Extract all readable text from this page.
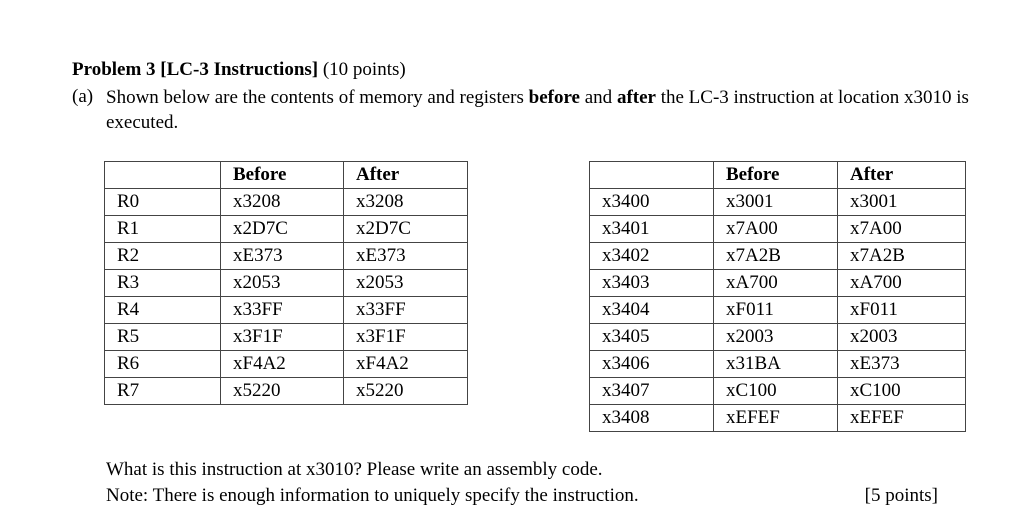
Problem 3 [LC-3 Instructions] (10 points)
(a) Shown below are the contents of memory and registers before and after the LC-3 instruction at location x3010 is executed.
	Before	After
R0	x3208	x3208
R1	x2D7C	x2D7C
R2	xE373	xE373
R3	x2053	x2053
R4	x33FF	x33FF
R5	x3F1F	x3F1F
R6	xF4A2	xF4A2
R7	x5220	x5220
	Before	After
x3400	x3001	x3001
x3401	x7A00	x7A00
x3402	x7A2B	x7A2B
x3403	xA700	xA700
x3404	xF011	xF011
x3405	x2003	x2003
x3406	x31BA	xE373
x3407	xC100	xC100
x3408	xEFEF	xEFEF
What is this instruction at x3010? Please write an assembly code.
Note: There is enough information to uniquely specify the instruction.	[5 points]
